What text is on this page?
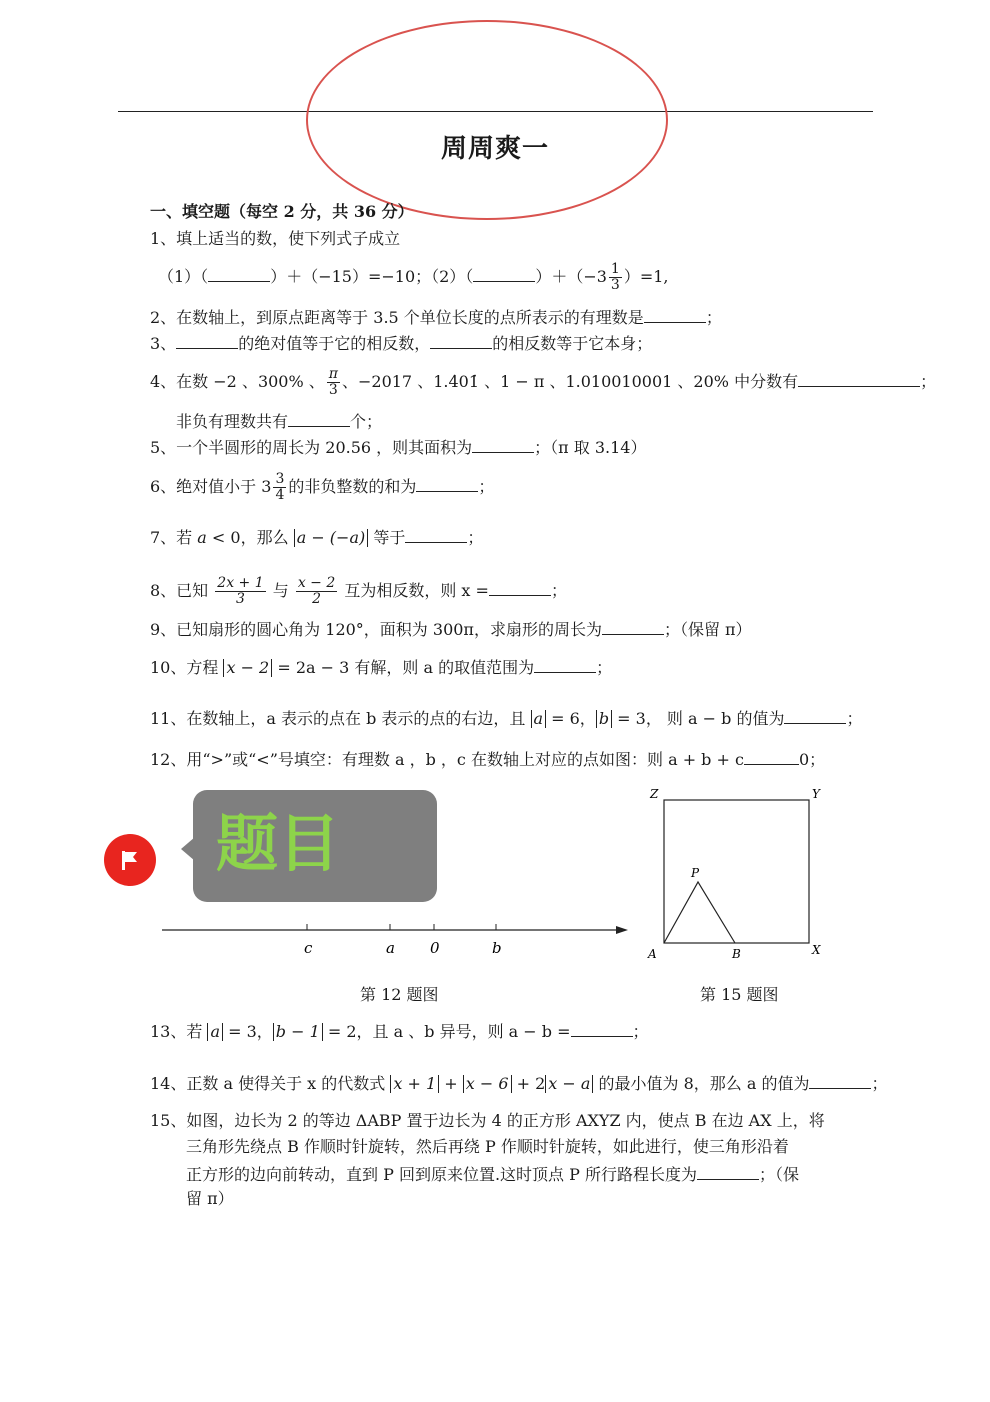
周周爽一
一、填空题（每空 2 分，共 36 分）
1、填上适当的数，使下列式子成立
（1）（	）＋（−15）=−10；（2）（	）$+(-3 \frac{1}{3} )=1$,
2、在数轴上，到原点距离等于 3.5 个单位长度的点所表示的有理数是	；
3、	的绝对值等于它的相反数，	的相反数等于它本身；
4、在数 −2 、300% 、 $\frac{\pi}{3}$ 、−2017 、1.4̇01̇ 、1 − π 、1.010010001 、20% 中分数有	；
非负有理数共有	个；
5、一个半圆形的周长为 20.56 ，则其面积为	；（π 取 3.14）
6、绝对值小于 $3 \frac{3}{4}$ 的非负整数的和为	；
7、若 a < 0，那么 a − (−a) 等于	；
8、已知 $\frac{2x + 1}{3}$ 与 $\frac{x - 2}{2}$ 互为相反数，则 x =	；
9、已知扇形的圆心角为 120°，面积为 300π，求扇形的周长为	；（保留 π）
10、方程 x − 2 = 2a − 3 有解，则 a 的取值范围为	；
11、在数轴上，a 表示的点在 b 表示的点的右边，且 a = 6， b = 3， 则 a − b 的值为	；
12、用“>”或“<”号填空：有理数 a ，b ，c 在数轴上对应的点如图：则 a + b + c	0；
c	a 0	b
第 12 题图
Z	Y
A	X
P
B
第 15 题图
题目
13、若 a = 3， b − 1 = 2，且 a 、b 异号，则 a − b =	；
14、正数 a 使得关于 x 的代数式 x + 1 + x − 6 + 2 x − a 的最小值为 8，那么 a 的值为	；
15、如图，边长为 2 的等边 ΔABP 置于边长为 4 的正方形 AXYZ 内，使点 B 在边 AX 上，将
三角形先绕点 B 作顺时针旋转，然后再绕 P 作顺时针旋转，如此进行，使三角形沿着
正方形的边向前转动，直到 P 回到原来位置.这时顶点 P 所行路程长度为	；（保
留 π）
